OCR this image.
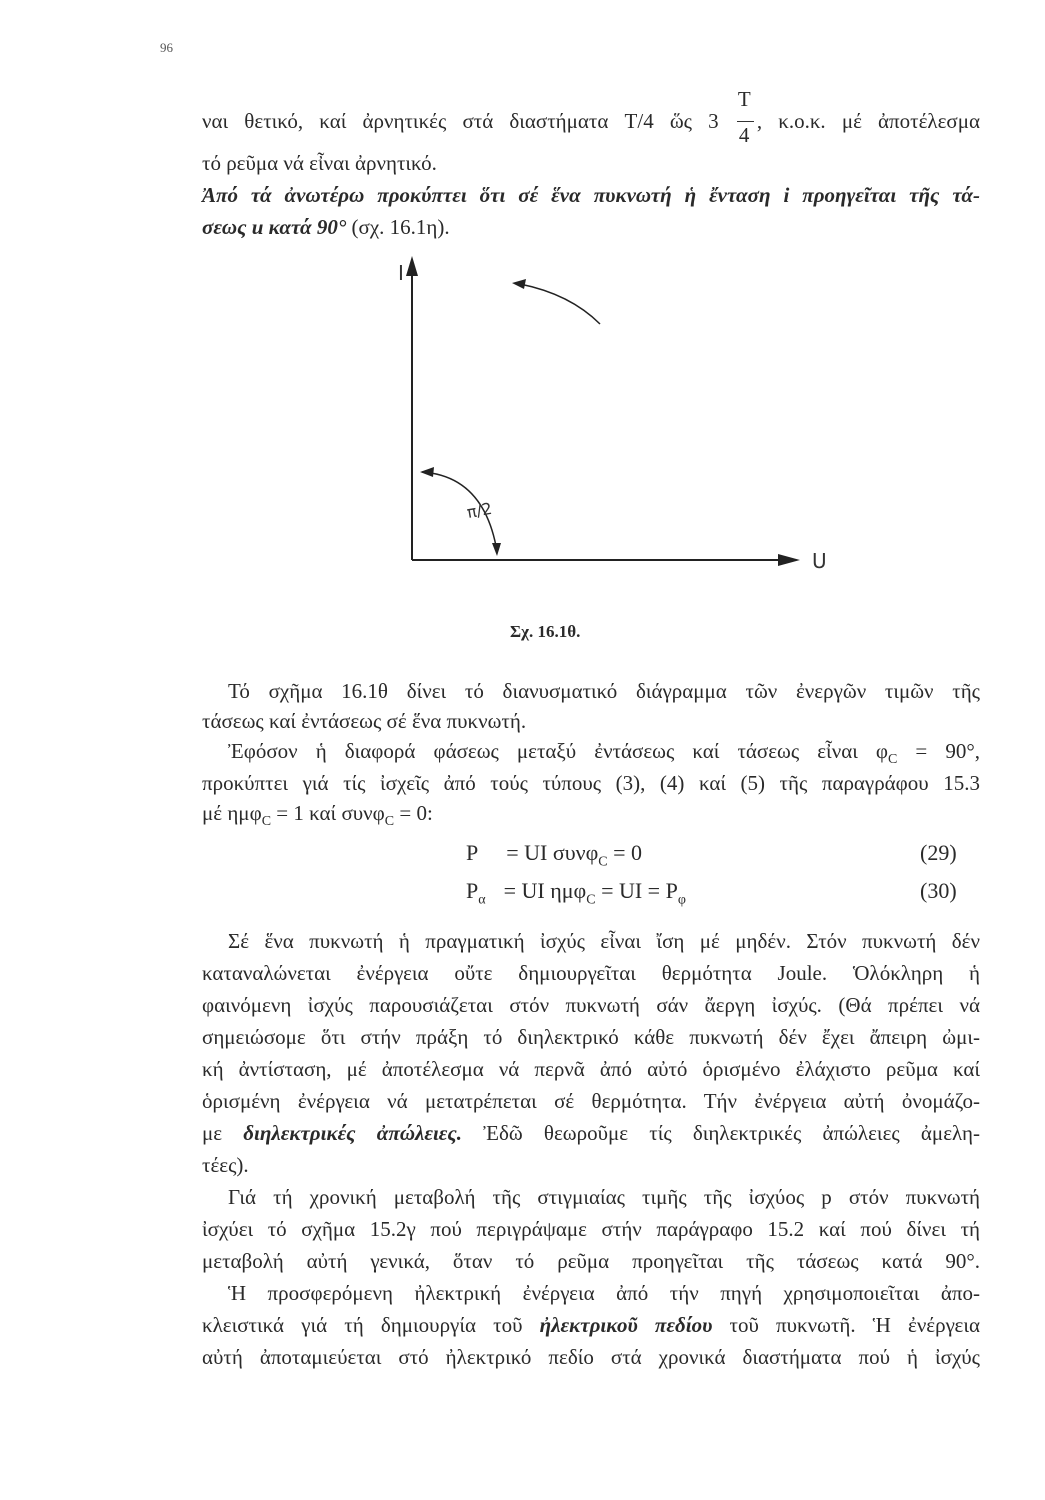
96
ναι θετικό, καί ἀρνητικές στά διαστήματα T/4 ὥς $3 \frac{T}{4}$ , κ.ο.κ. μέ ἀποτέλεσμα
τό ρεῦμα νά εἶναι ἀρνητικό.
Ἀπό τά ἀνωτέρω προκύπτει ὅτι σέ ἕνα πυκνωτή ἡ ἔνταση i προηγεῖται τῆς τά-
σεως u κατά 90° (σχ. 16.1η).
I
U
π/2
Σχ. 16.1θ.
Τό σχῆμα 16.1θ δίνει τό διανυσματικό διάγραμμα τῶν ἐνεργῶν τιμῶν τῆς
τάσεως καί ἐντάσεως σέ ἕνα πυκνωτή.
Ἐφόσον ἡ διαφορά φάσεως μεταξύ ἐντάσεως καί τάσεως εἶναι $\varphi_C = 90^\circ$,
προκύπτει γιά τίς ἰσχεῖς ἀπό τούς τύπους (3), (4) καί (5) τῆς παραγράφου 15.3
μέ ημφ$_C$ = 1 καί συνφ$_C$ = 0:
P = UI συνφ$_C$ = 0	(29)
$P_\alpha$ = UI ημφ$_C$ = UI = $P_\varphi$	(30)
Σέ ἕνα πυκνωτή ἡ πραγματική ἰσχύς εἶναι ἴση μέ μηδέν. Στόν πυκνωτή δέν
καταναλώνεται ἐνέργεια οὔτε δημιουργεῖται θερμότητα Joule. Ὁλόκληρη ἡ
φαινόμενη ἰσχύς παρουσιάζεται στόν πυκνωτή σάν ἄεργη ἰσχύς. (Θά πρέπει νά
σημειώσομε ὅτι στήν πράξη τό διηλεκτρικό κάθε πυκνωτή δέν ἔχει ἄπειρη ὠμι-
κή ἀντίσταση, μέ ἀποτέλεσμα νά περνᾶ ἀπό αὐτό ὁρισμένο ἐλάχιστο ρεῦμα καί
ὁρισμένη ἐνέργεια νά μετατρέπεται σέ θερμότητα. Τήν ἐνέργεια αὐτή ὀνομάζο-
με διηλεκτρικές ἀπώλειες. Ἐδῶ θεωροῦμε τίς διηλεκτρικές ἀπώλειες ἀμελη-
τέες).
Γιά τή χρονική μεταβολή τῆς στιγμιαίας τιμῆς τῆς ἰσχύος p στόν πυκνωτή
ἰσχύει τό σχῆμα 15.2γ πού περιγράψαμε στήν παράγραφο 15.2 καί πού δίνει τή
μεταβολή αὐτή γενικά, ὅταν τό ρεῦμα προηγεῖται τῆς τάσεως κατά 90°.
Ἡ προσφερόμενη ἠλεκτρική ἐνέργεια ἀπό τήν πηγή χρησιμοποιεῖται ἀπο-
κλειστικά γιά τή δημιουργία τοῦ ἠλεκτρικοῦ πεδίου τοῦ πυκνωτῆ. Ἡ ἐνέργεια
αὐτή ἀποταμιεύεται στό ἠλεκτρικό πεδίο στά χρονικά διαστήματα πού ἡ ἰσχύς
